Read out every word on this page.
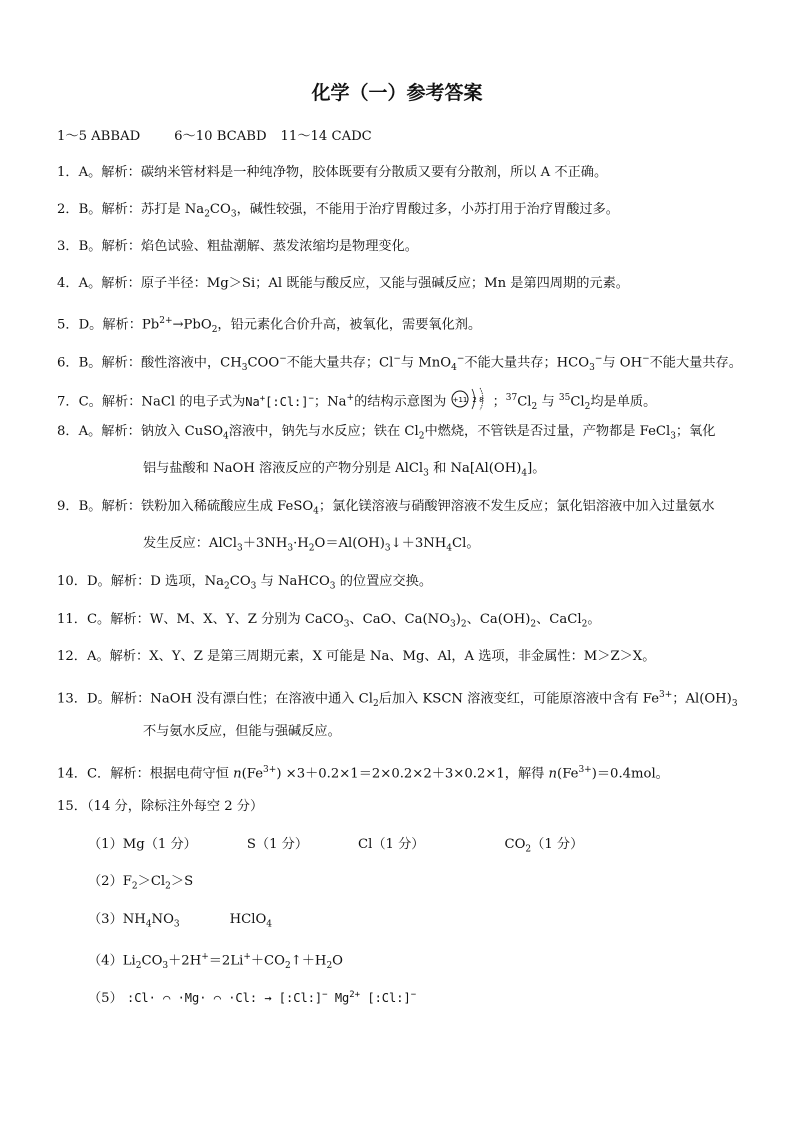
化学（一）参考答案
1～5 ABBAD	6～10 BCABD 11～14 CADC
1．A。解析：碳纳米管材料是一种纯净物，胶体既要有分散质又要有分散剂，所以 A 不正确。
2．B。解析：苏打是 $Na_2CO_3$，碱性较强，不能用于治疗胃酸过多，小苏打用于治疗胃酸过多。
3．B。解析：焰色试验、粗盐潮解、蒸发浓缩均是物理变化。
4．A。解析：原子半径：Mg＞Si；Al 既能与酸反应，又能与强碱反应；Mn 是第四周期的元素。
5．D。解析：$Pb^{2+}\to PbO_2$，铅元素化合价升高，被氧化，需要氧化剂。
6．B。解析：酸性溶液中，$CH_3COO^-$不能大量共存；Cl−与 MnO$_4$−不能大量共存；$HCO_3^-$与 OH−不能大量共存。
7．C。解析：NaCl 的电子式为Na+[:Cl:]−；Na+的结构示意图为 +11 2 8 ；$^{37}Cl_2$ 与 $^{35}Cl_2$均是单质。
8．A。解析：钠放入 CuSO$_4$溶液中，钠先与水反应；铁在 $Cl_2$中燃烧，不管铁是否过量，产物都是 FeCl$_3$；氧化
铝与盐酸和 NaOH 溶液反应的产物分别是 AlCl$_3$ 和 $Na[Al(OH)_4]$。
9．B。解析：铁粉加入稀硫酸应生成 FeSO$_4$；氯化镁溶液与硝酸钾溶液不发生反应；氯化铝溶液中加入过量氨水
发生反应：$AlCl_3+3NH_3\cdot H_2O=Al(OH)_3↓+3NH_4Cl$。
10．D。解析：D 选项，$Na_2CO_3$ 与 NaHCO$_3$ 的位置应交换。
11．C。解析：W、M、X、Y、Z 分别为 CaCO$_3$、CaO、$Ca(NO_3)_2$、$Ca(OH)_2$、CaCl$_2$。
12．A。解析：X、Y、Z 是第三周期元素，X 可能是 Na、Mg、Al，A 选项，非金属性：M＞Z＞X。
13．D。解析：NaOH 没有漂白性；在溶液中通入 $Cl_2$后加入 KSCN 溶液变红，可能原溶液中含有 $Fe^{3+}$；$Al(OH)_3$
不与氨水反应，但能与强碱反应。
14．C．解析：根据电荷守恒 $n(Fe^{3+}) \times 3+0.2\times 1=2\times 0.2\times 2+3\times 0.2\times 1$，解得 $n(Fe^{3+})=0.4mol$。
15．（14 分，除标注外每空 2 分）
（1）Mg（1 分）	S（1 分）	Cl（1 分）	$CO_2(1$ 分）
$(2)F_2>Cl_2>S$
$(3)NH_4NO_3$	HClO$_4$
$(4)Li_2CO_3+2H^+=2Li^++CO_2↑+H_2O$
（5） :Cl· ⌒ ·Mg· ⌒ ·Cl: → [:Cl:]− $Mg^{2+}$ [:Cl:]−
